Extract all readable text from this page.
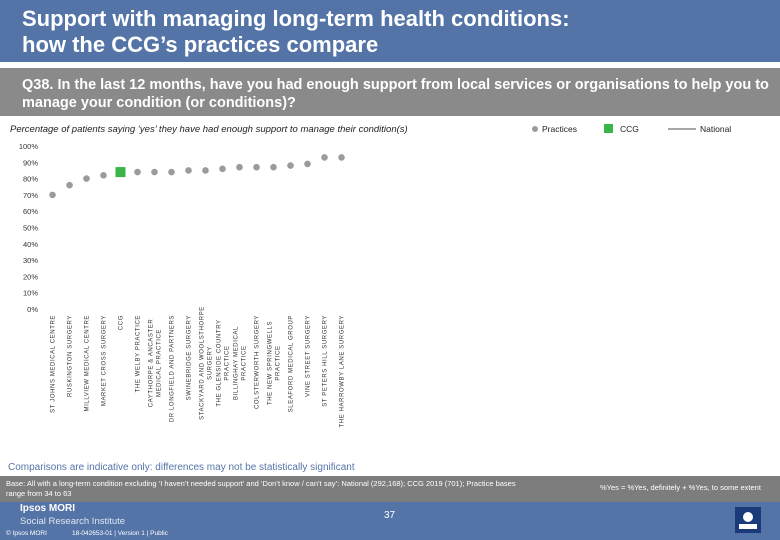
Support with managing long-term health conditions:
how the CCG’s practices compare
Q38. In the last 12 months, have you had enough support from local services or organisations to help you to manage your condition (or conditions)?
Percentage of patients saying ‘yes’ they have had enough support to manage their condition(s)	Practices	CCG	National
0%
10%
20%
30%
40%
50%
60%
70%
80%
90%
100%
ST JOHNS MEDICAL CENTRE RUSKINGTON SURGERY MILLVIEW MEDICAL CENTRE MARKET CROSS SURGERY CCG THE WELBY PRACTICE CAYTHORPE & ANCASTER MEDICAL PRACTICE DR LONGFIELD AND PARTNERS SWINEBRIDGE SURGERY STACKYARD AND WOOLSTHORPE SURGERY THE GLENSIDE COUNTRY PRACTICE BILLINGHAY MEDICAL PRACTICE COLSTERWORTH SURGERY THE NEW SPRINGWELLS PRACTICE SLEAFORD MEDICAL GROUP VINE STREET SURGERY ST PETERS HILL SURGERY THE HARROWBY LANE SURGERY
Comparisons are indicative only: differences may not be statistically significant
Base: All with a long-term condition excluding ‘I haven’t needed support’ and ‘Don’t know / can’t say’: National (292,168); CCG 2019 (701); Practice bases range from 34 to 63
%Yes = %Yes, definitely + %Yes, to some extent
Ipsos MORI
Social Research Institute
© Ipsos MORI	18-042653-01 | Version 1 | Public
37
